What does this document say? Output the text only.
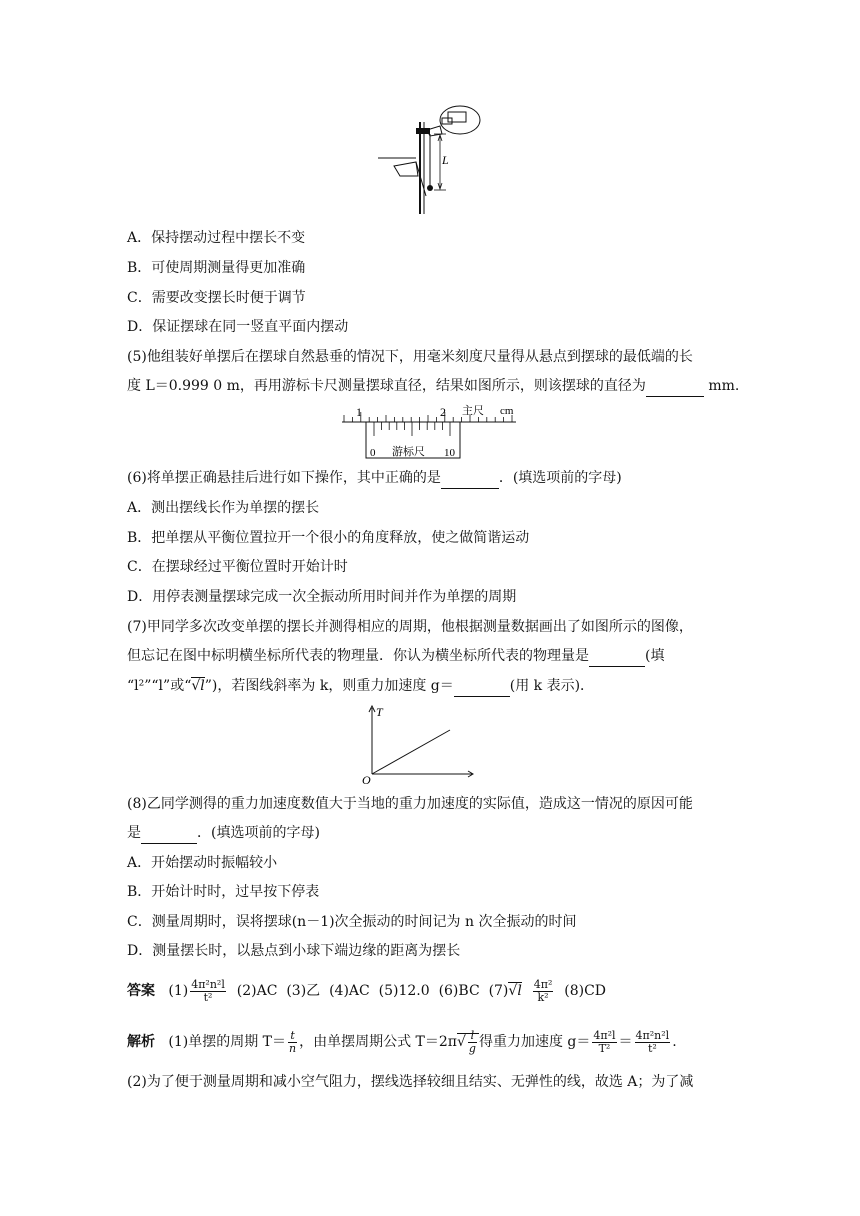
L
A．保持摆动过程中摆长不变
B．可使周期测量得更加准确
C．需要改变摆长时便于调节
D．保证摆球在同一竖直平面内摆动
(5)他组装好单摆后在摆球自然悬垂的情况下，用毫米刻度尺量得从悬点到摆球的最低端的长
度 L＝0.999 0 m，再用游标卡尺测量摆球直径，结果如图所示，则该摆球的直径为	mm.
1	2 主尺 cm
0 游标尺 10
(6)将单摆正确悬挂后进行如下操作，其中正确的是	．(填选项前的字母)
A．测出摆线长作为单摆的摆长
B．把单摆从平衡位置拉开一个很小的角度释放，使之做简谐运动
C．在摆球经过平衡位置时开始计时
D．用停表测量摆球完成一次全振动所用时间并作为单摆的周期
(7)甲同学多次改变单摆的摆长并测得相应的周期，他根据测量数据画出了如图所示的图像，
但忘记在图中标明横坐标所代表的物理量．你认为横坐标所代表的物理量是	(填
“l²”“l”或“√l”)，若图线斜率为 k，则重力加速度 g＝	(用 k 表示)．
T
O
(8)乙同学测得的重力加速度数值大于当地的重力加速度的实际值，造成这一情况的原因可能
是	．(填选项前的字母)
A．开始摆动时振幅较小
B．开始计时时，过早按下停表
C．测量周期时，误将摆球(n－1)次全振动的时间记为 n 次全振动的时间
D．测量摆长时，以悬点到小球下端边缘的距离为摆长
答案 $(1) \frac{\text{4π²n²l}}{\text{t²}} (2)AC$ (3)乙 (4)AC (5)12.0 (6)BC $(7)√l \frac{\text{4π²}}{\text{k²}} (8)CD$
解析 (1)单摆的周期 $T= \frac{t}{n}$ ，由单摆周期公式 $T=2\pi√ \frac{l}{g}$ 得重力加速度 $g= \frac{\text{4π²l}}{\text{T²}} = \frac{\text{4π²n²l}}{\text{t²}}$ .
(2)为了便于测量周期和减小空气阻力，摆线选择较细且结实、无弹性的线，故选 A；为了减
